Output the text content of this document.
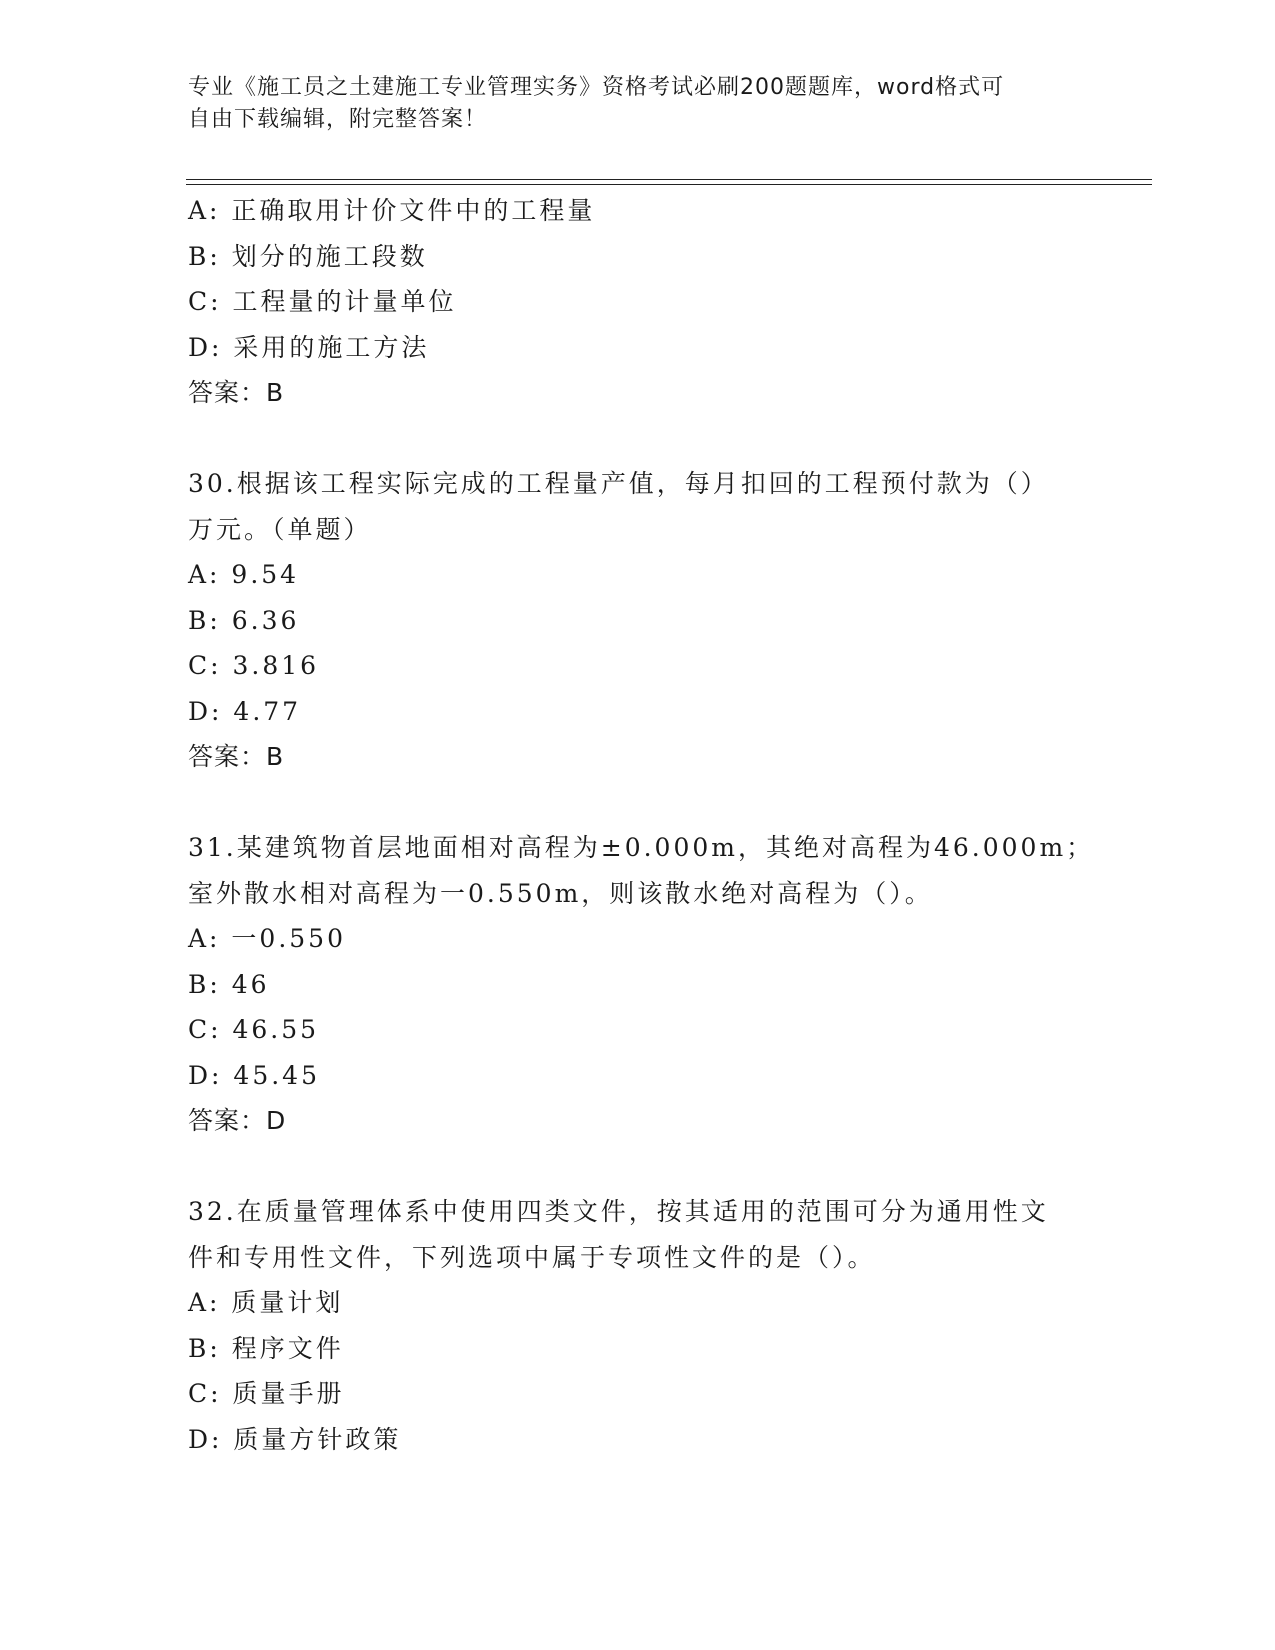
专业《施工员之土建施工专业管理实务》资格考试必刷200题题库，word格式可
自由下载编辑，附完整答案！
A: 正确取用计价文件中的工程量
B: 划分的施工段数
C: 工程量的计量单位
D: 采用的施工方法
答案：B
30.根据该工程实际完成的工程量产值，每月扣回的工程预付款为（）
万元。（单题）
A: 9.54
B: 6.36
C: 3.816
D: 4.77
答案：B
31.某建筑物首层地面相对高程为±0.000m，其绝对高程为46.000m；
室外散水相对高程为一0.550m，则该散水绝对高程为（）。
A: 一0.550
B: 46
C: 46.55
D: 45.45
答案：D
32.在质量管理体系中使用四类文件，按其适用的范围可分为通用性文
件和专用性文件，下列选项中属于专项性文件的是（）。
A: 质量计划
B: 程序文件
C: 质量手册
D: 质量方针政策
